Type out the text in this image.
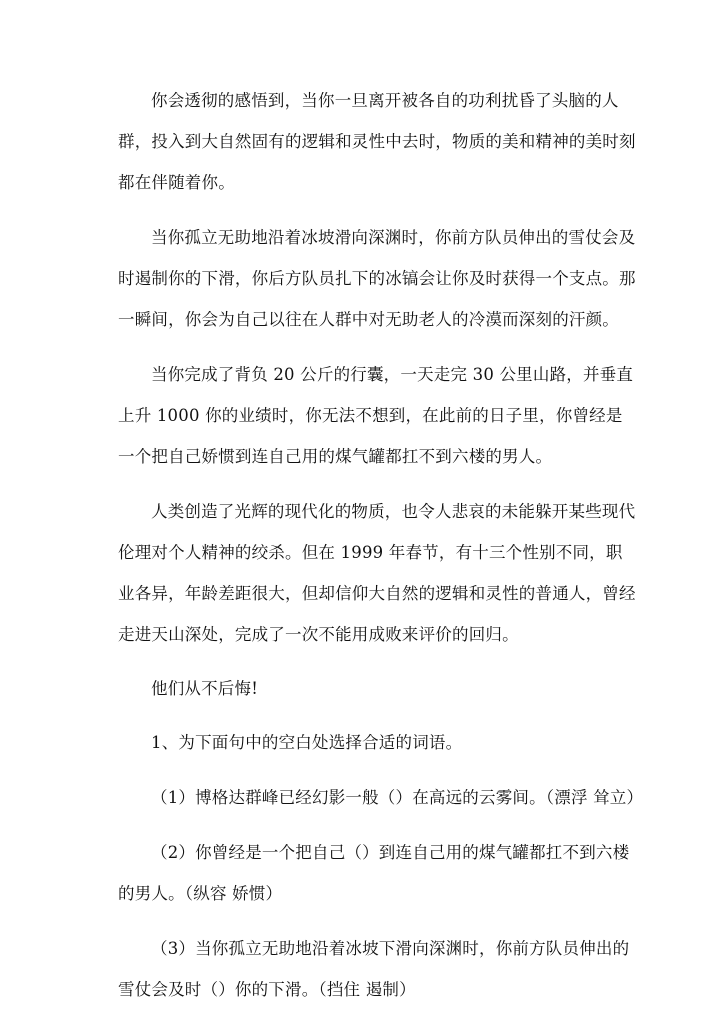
你会透彻的感悟到，当你一旦离开被各自的功利扰昏了头脑的人群，投入到大自然固有的逻辑和灵性中去时，物质的美和精神的美时刻都在伴随着你。

当你孤立无助地沿着冰坡滑向深渊时，你前方队员伸出的雪仗会及时遏制你的下滑，你后方队员扎下的冰镐会让你及时获得一个支点。那一瞬间，你会为自己以往在人群中对无助老人的冷漠而深刻的汗颜。

当你完成了背负 20 公斤的行囊，一天走完 30 公里山路，并垂直上升 1000 你的业绩时，你无法不想到，在此前的日子里，你曾经是一个把自己娇惯到连自己用的煤气罐都扛不到六楼的男人。

人类创造了光辉的现代化的物质，也令人悲哀的未能躲开某些现代伦理对个人精神的绞杀。但在 1999 年春节，有十三个性别不同，职业各异，年龄差距很大，但却信仰大自然的逻辑和灵性的普通人，曾经走进天山深处，完成了一次不能用成败来评价的回归。

他们从不后悔!

1、为下面句中的空白处选择合适的词语。

（1）博格达群峰已经幻影一般（）在高远的云雾间。（漂浮 耸立）

（2）你曾经是一个把自己（）到连自己用的煤气罐都扛不到六楼的男人。（纵容 娇惯）

（3）当你孤立无助地沿着冰坡下滑向深渊时，你前方队员伸出的雪仗会及时（）你的下滑。（挡住 遏制）
